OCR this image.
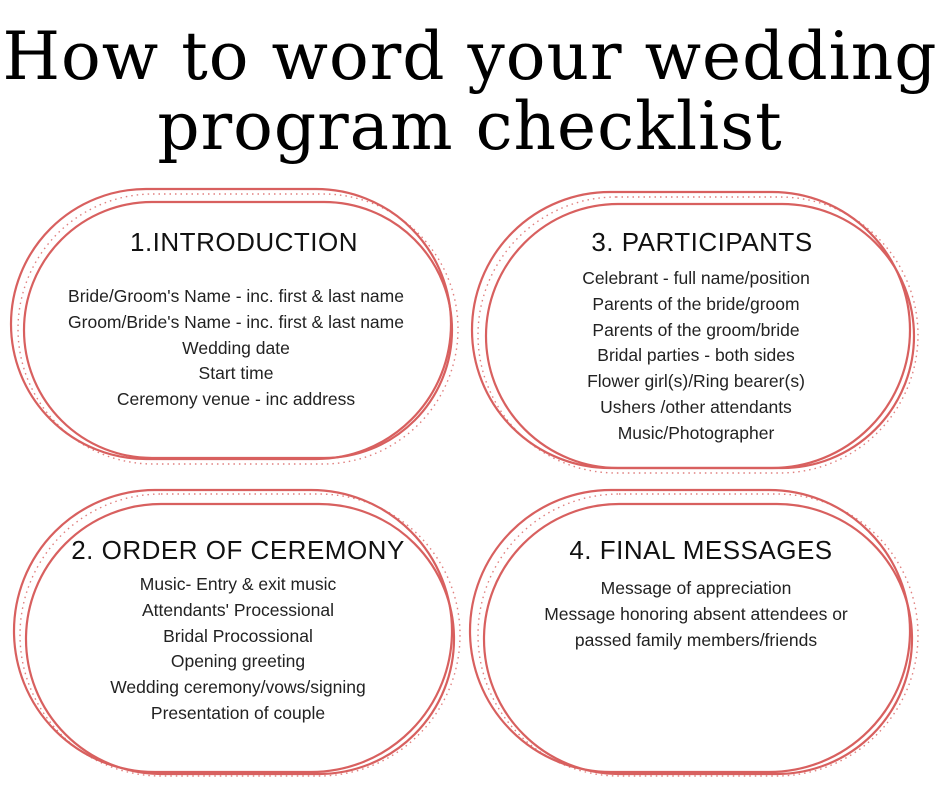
How to word your wedding
program checklist
1.INTRODUCTION
Bride/Groom's Name - inc. first & last name
Groom/Bride's Name - inc. first & last name
Wedding date
Start time
Ceremony venue - inc address
3. PARTICIPANTS
Celebrant - full name/position
Parents of the bride/groom
Parents of the groom/bride
Bridal parties - both sides
Flower girl(s)/Ring bearer(s)
Ushers /other attendants
Music/Photographer
2. ORDER OF CEREMONY
Music- Entry & exit music
Attendants' Processional
Bridal Procossional
Opening greeting
Wedding ceremony/vows/signing
Presentation of couple
4. FINAL MESSAGES
Message of appreciation
Message honoring absent attendees or
passed family members/friends
